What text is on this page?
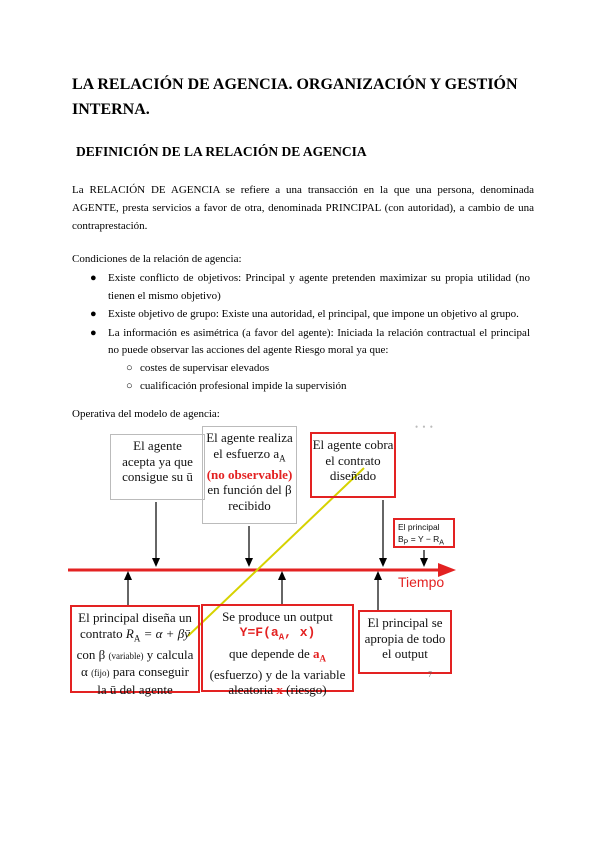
LA RELACIÓN DE AGENCIA. ORGANIZACIÓN Y GESTIÓN INTERNA.
DEFINICIÓN DE LA RELACIÓN DE AGENCIA
La RELACIÓN DE AGENCIA se refiere a una transacción en la que una persona, denominada AGENTE, presta servicios a favor de otra, denominada PRINCIPAL (con autoridad), a cambio de una contraprestación.
Condiciones de la relación de agencia:
● Existe conflicto de objetivos: Principal y agente pretenden maximizar su propia utilidad (no tienen el mismo objetivo)
● Existe objetivo de grupo: Existe una autoridad, el principal, que impone un objetivo al grupo.
● La información es asimétrica (a favor del agente): Iniciada la relación contractual el principal no puede observar las acciones del agente Riesgo moral ya que:
○ costes de supervisar elevados
○ cualificación profesional impide la supervisión
Operativa del modelo de agencia:
• • •
El agente
acepta ya que
consigue su ū
El agente realiza
el esfuerzo $a_A$
(no observable)
en función del β
recibido
El agente cobra
el contrato
diseñado
El principal
$B_P = Y - R_A$
Tiempo
El principal diseña un
contrato $R_A = \alpha$ + βȳ
con β (variable) y calcula
α (fijo) para conseguir
la ū del agente
Se produce un output
$Y=F(a_A$, x)
que depende de $a_A$
(esfuerzo) y de la variable
aleatoria x (riesgo)
El principal se
apropia de todo
el output
7
